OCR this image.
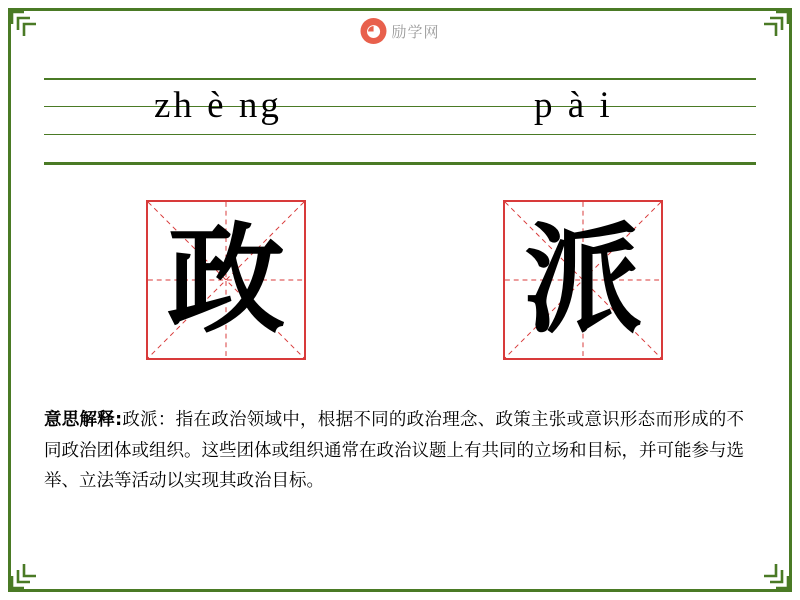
◕ 励学网
zh è ng	p à i
政 派
意思解释:政派：指在政治领域中，根据不同的政治理念、政策主张或意识形态而形成的不同政治团体或组织。这些团体或组织通常在政治议题上有共同的立场和目标，并可能参与选举、立法等活动以实现其政治目标。
